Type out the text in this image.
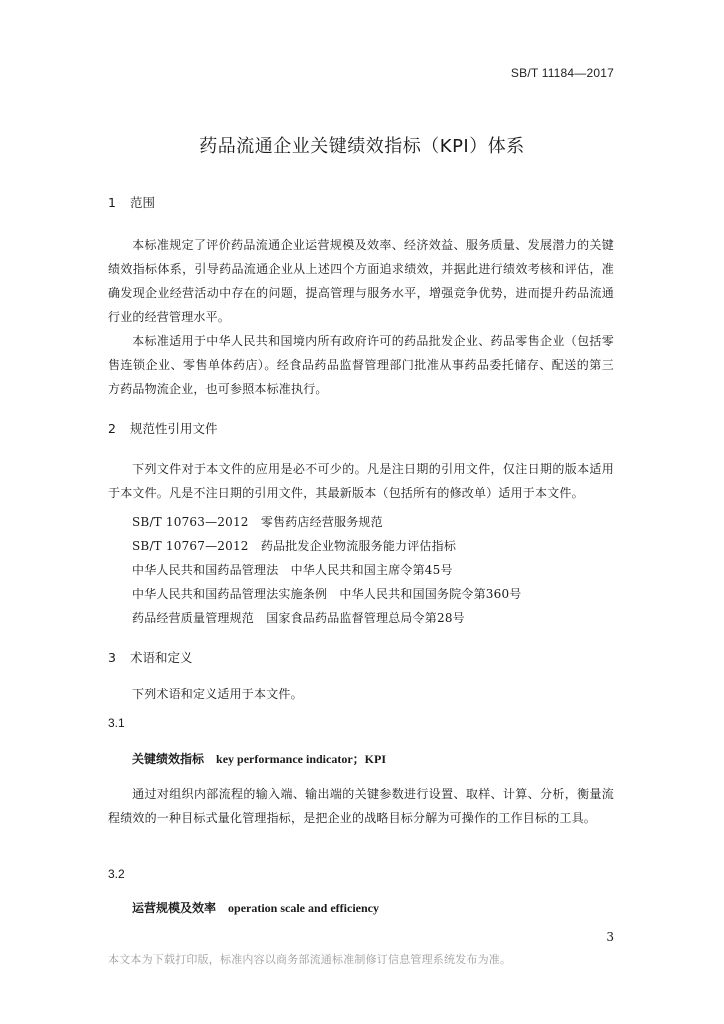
SB/T 11184—2017
药品流通企业关键绩效指标（KPI）体系
1 范围
本标准规定了评价药品流通企业运营规模及效率、经济效益、服务质量、发展潜力的关键绩效指标体系，引导药品流通企业从上述四个方面追求绩效，并据此进行绩效考核和评估，准确发现企业经营活动中存在的问题，提高管理与服务水平，增强竞争优势，进而提升药品流通行业的经营管理水平。
本标准适用于中华人民共和国境内所有政府许可的药品批发企业、药品零售企业（包括零售连锁企业、零售单体药店）。经食品药品监督管理部门批准从事药品委托储存、配送的第三方药品物流企业，也可参照本标准执行。
2 规范性引用文件
下列文件对于本文件的应用是必不可少的。凡是注日期的引用文件，仅注日期的版本适用于本文件。凡是不注日期的引用文件，其最新版本（包括所有的修改单）适用于本文件。
SB/T 10763—2012　零售药店经营服务规范
SB/T 10767—2012　药品批发企业物流服务能力评估指标
中华人民共和国药品管理法　中华人民共和国主席令第45号
中华人民共和国药品管理法实施条例　中华人民共和国国务院令第360号
药品经营质量管理规范　国家食品药品监督管理总局令第28号
3 术语和定义
下列术语和定义适用于本文件。
3.1
关键绩效指标 key performance indicator；KPI
通过对组织内部流程的输入端、输出端的关键参数进行设置、取样、计算、分析，衡量流程绩效的一种目标式量化管理指标，是把企业的战略目标分解为可操作的工作目标的工具。
3.2
运营规模及效率 operation scale and efficiency
3
本文本为下载打印版，标准内容以商务部流通标准制修订信息管理系统发布为准。
